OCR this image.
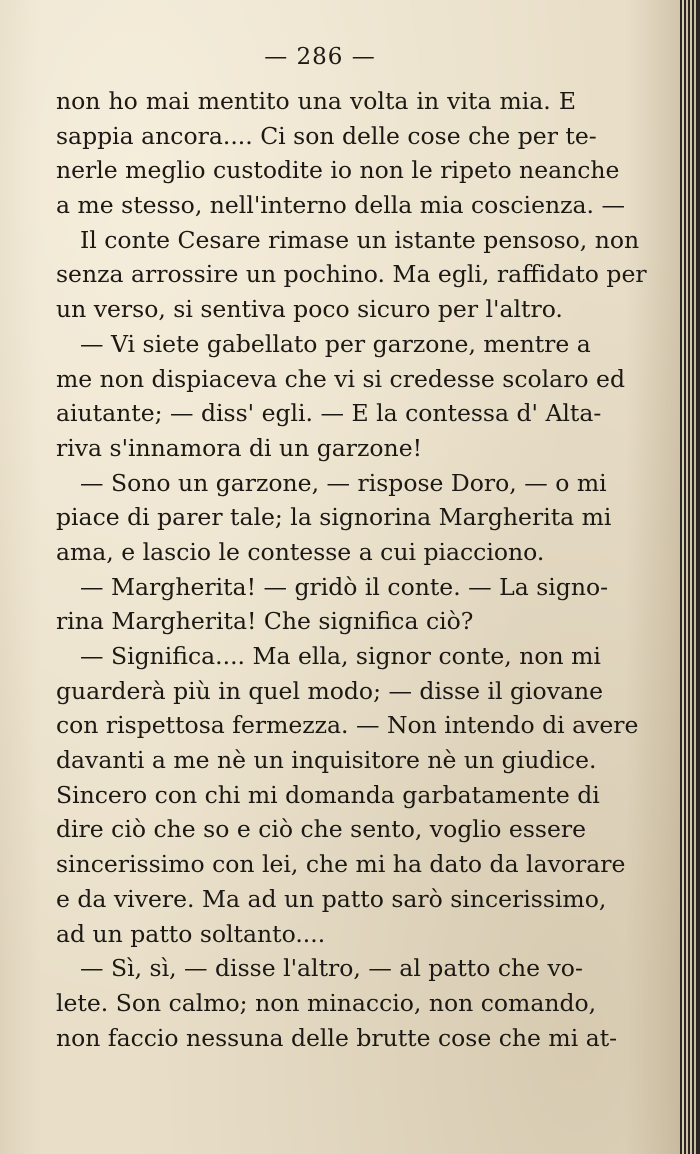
— 286 —
non ho mai mentito una volta in vita mia. E
sappia ancora.... Ci son delle cose che per te-
nerle meglio custodite io non le ripeto neanche
a me stesso, nell'interno della mia coscienza. —
Il conte Cesare rimase un istante pensoso, non
senza arrossire un pochino. Ma egli, raffidato per
un verso, si sentiva poco sicuro per l'altro.
— Vi siete gabellato per garzone, mentre a
me non dispiaceva che vi si credesse scolaro ed
aiutante; — diss' egli. — E la contessa d' Alta-
riva s'innamora di un garzone!
— Sono un garzone, — rispose Doro, — o mi
piace di parer tale; la signorina Margherita mi
ama, e lascio le contesse a cui piacciono.
— Margherita! — gridò il conte. — La signo-
rina Margherita! Che significa ciò?
— Significa.... Ma ella, signor conte, non mi
guarderà più in quel modo; — disse il giovane
con rispettosa fermezza. — Non intendo di avere
davanti a me nè un inquisitore nè un giudice.
Sincero con chi mi domanda garbatamente di
dire ciò che so e ciò che sento, voglio essere
sincerissimo con lei, che mi ha dato da lavorare
e da vivere. Ma ad un patto sarò sincerissimo,
ad un patto soltanto....
— Sì, sì, — disse l'altro, — al patto che vo-
lete. Son calmo; non minaccio, non comando,
non faccio nessuna delle brutte cose che mi at-
